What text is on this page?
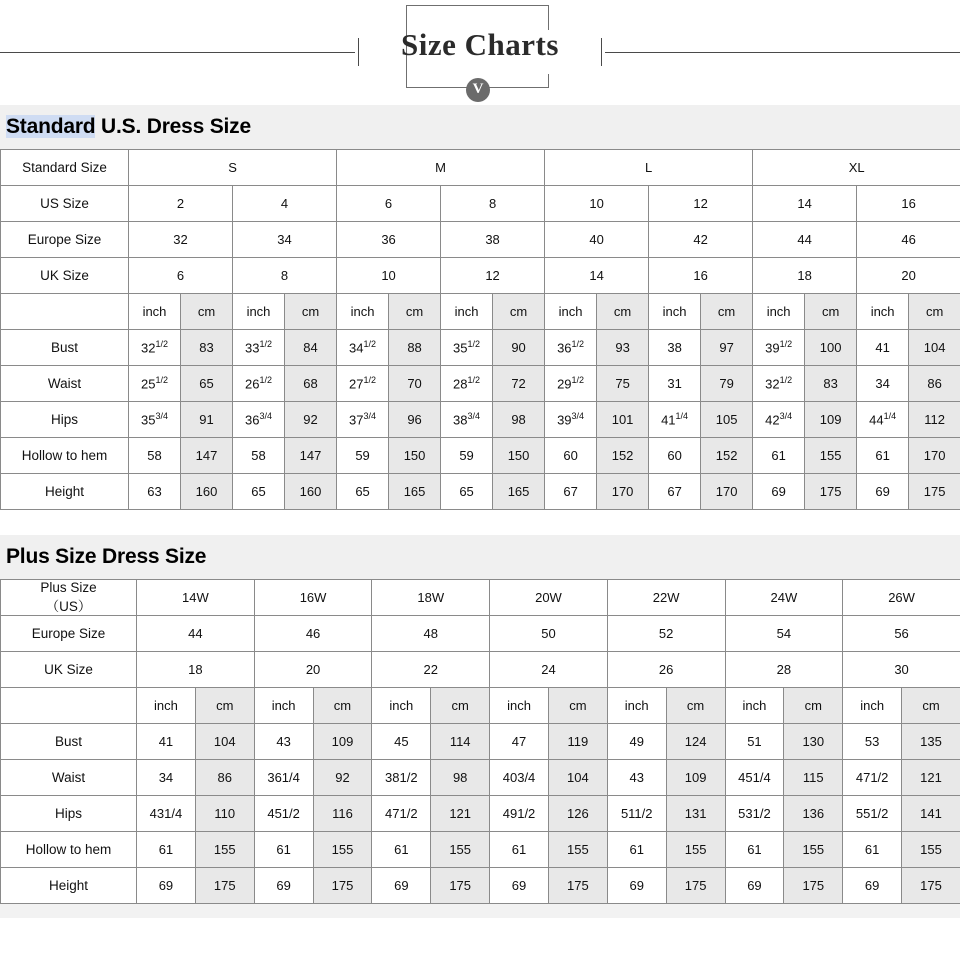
Size Charts
V
Standard U.S. Dress Size
Standard Size	S				M				L				XL			
US Size	2		4		6		8		10		12		14		16	
Europe Size	32		34		36		38		40		42		44		46	
UK Size	6		8		10		12		14		16		18		20	
	inch	cm	inch	cm	inch	cm	inch	cm	inch	cm	inch	cm	inch	cm	inch	cm
Bust	$32^{1/2}$	83	$33^{1/2}$	84	$34^{1/2}$	88	$35^{1/2}$	90	$36^{1/2}$	93	38	97	$39^{1/2}$	100	41	104
Waist	$25^{1/2}$	65	$26^{1/2}$	68	$27^{1/2}$	70	$28^{1/2}$	72	$29^{1/2}$	75	31	79	$32^{1/2}$	83	34	86
Hips	$35^{3/4}$	91	$36^{3/4}$	92	$37^{3/4}$	96	$38^{3/4}$	98	$39^{3/4}$	101	$41^{1/4}$	105	$42^{3/4}$	109	$44^{1/4}$	112
Hollow to hem	58	147	58	147	59	150	59	150	60	152	60	152	61	155	61	170
Height	63	160	65	160	65	165	65	165	67	170	67	170	69	175	69	175
Plus Size Dress Size
Plus Size
（US）	14W		16W		18W		20W		22W		24W		26W	
Europe Size	44		46		48		50		52		54		56	
UK Size	18		20		22		24		26		28		30	
	inch	cm	inch	cm	inch	cm	inch	cm	inch	cm	inch	cm	inch	cm
Bust	41	104	43	109	45	114	47	119	49	124	51	130	53	135
Waist	34	86	361/4	92	381/2	98	403/4	104	43	109	451/4	115	471/2	121
Hips	431/4	110	451/2	116	471/2	121	491/2	126	511/2	131	531/2	136	551/2	141
Hollow to hem	61	155	61	155	61	155	61	155	61	155	61	155	61	155
Height	69	175	69	175	69	175	69	175	69	175	69	175	69	175
